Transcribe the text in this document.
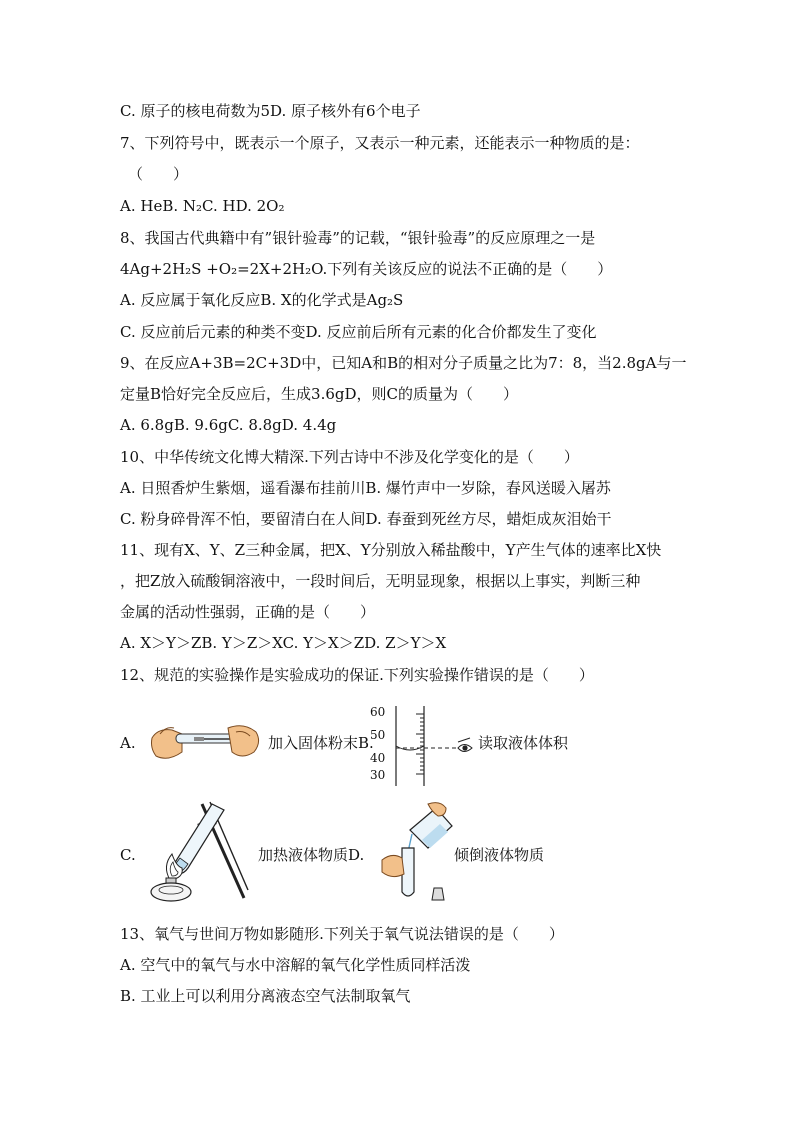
C. 原子的核电荷数为5D. 原子核外有6个电子
7、下列符号中，既表示一个原子，又表示一种元素，还能表示一种物质的是：
（　　）
A. HeB. N₂C. HD. 2O₂
8、我国古代典籍中有”银针验毒”的记载，“银针验毒”的反应原理之一是
4Ag+2H₂S +O₂=2X+2H₂O.下列有关该反应的说法不正确的是（　　）
A. 反应属于氧化反应B. X的化学式是Ag₂S
C. 反应前后元素的种类不变D. 反应前后所有元素的化合价都发生了变化
9、在反应A+3B=2C+3D中，已知A和B的相对分子质量之比为7：8，当2.8gA与一
定量B恰好完全反应后，生成3.6gD，则C的质量为（　　）
A. 6.8gB. 9.6gC. 8.8gD. 4.4g
10、中华传统文化博大精深.下列古诗中不涉及化学变化的是（　　）
A. 日照香炉生紫烟，遥看瀑布挂前川B. 爆竹声中一岁除，春风送暖入屠苏
C. 粉身碎骨浑不怕，要留清白在人间D. 春蚕到死丝方尽，蜡炬成灰泪始干
11、现有X、Y、Z三种金属，把X、Y分别放入稀盐酸中，Y产生气体的速率比X快
，把Z放入硫酸铜溶液中，一段时间后，无明显现象，根据以上事实，判断三种
金属的活动性强弱，正确的是（　　）
A. X＞Y＞ZB. Y＞Z＞XC. Y＞X＞ZD. Z＞Y＞X
12、规范的实验操作是实验成功的保证.下列实验操作错误的是（　　）
A.	加入固体粉末B.
60
50
40
30
读取液体体积
C.	加热液体物质D.	倾倒液体物质
13、氧气与世间万物如影随形.下列关于氧气说法错误的是（　　）
A. 空气中的氧气与水中溶解的氧气化学性质同样活泼
B. 工业上可以利用分离液态空气法制取氧气
